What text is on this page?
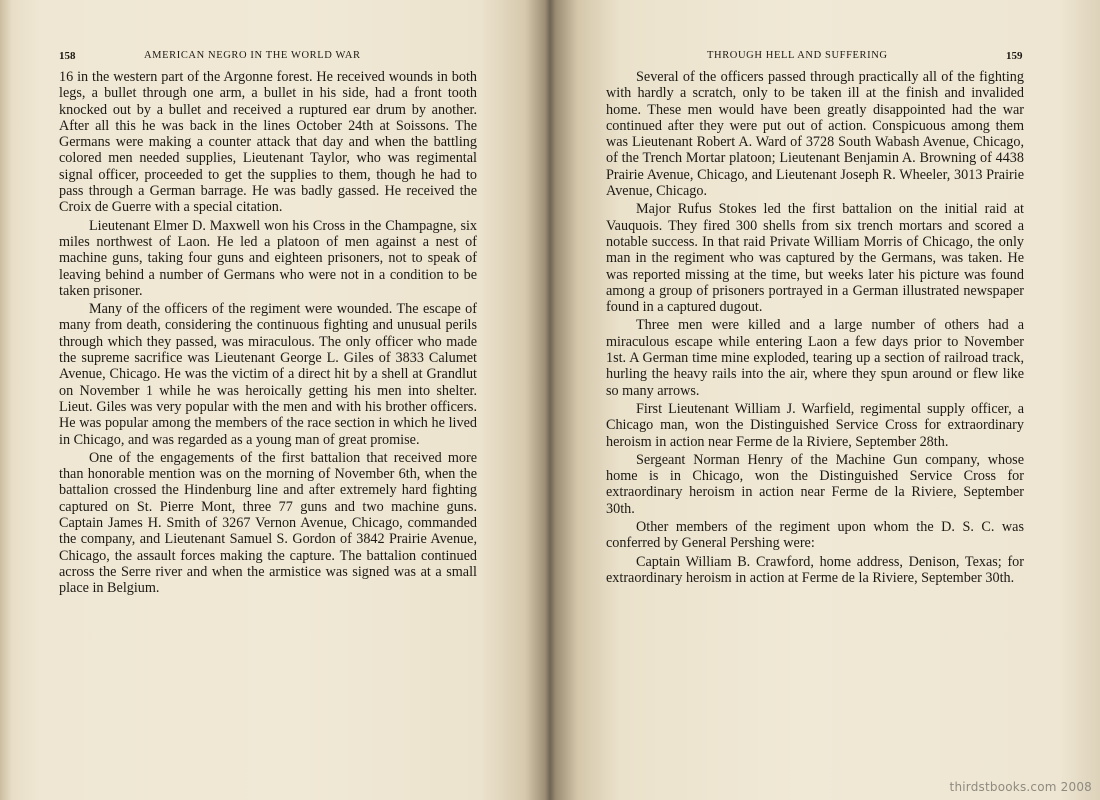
158	AMERICAN NEGRO IN THE WORLD WAR

16 in the western part of the Argonne forest. He received wounds in both legs, a bullet through one arm, a bullet in his side, had a front tooth knocked out by a bullet and received a ruptured ear drum by another. After all this he was back in the lines October 24th at Soissons. The Germans were making a counter attack that day and when the battling colored men needed supplies, Lieutenant Taylor, who was regimental signal officer, proceeded to get the supplies to them, though he had to pass through a German barrage. He was badly gassed. He received the Croix de Guerre with a special citation.

Lieutenant Elmer D. Maxwell won his Cross in the Champagne, six miles northwest of Laon. He led a platoon of men against a nest of machine guns, taking four guns and eighteen prisoners, not to speak of leaving behind a number of Germans who were not in a condition to be taken prisoner.

Many of the officers of the regiment were wounded. The escape of many from death, considering the continuous fighting and unusual perils through which they passed, was miraculous. The only officer who made the supreme sacrifice was Lieutenant George L. Giles of 3833 Calumet Avenue, Chicago. He was the victim of a direct hit by a shell at Grandlut on November 1 while he was heroically getting his men into shelter. Lieut. Giles was very popular with the men and with his brother officers. He was popular among the members of the race section in which he lived in Chicago, and was regarded as a young man of great promise.

One of the engagements of the first battalion that received more than honorable mention was on the morning of November 6th, when the battalion crossed the Hindenburg line and after extremely hard fighting captured on St. Pierre Mont, three 77 guns and two machine guns. Captain James H. Smith of 3267 Vernon Avenue, Chicago, commanded the company, and Lieutenant Samuel S. Gordon of 3842 Prairie Avenue, Chicago, the assault forces making the capture. The battalion continued across the Serre river and when the armistice was signed was at a small place in Belgium.

THROUGH HELL AND SUFFERING	159

Several of the officers passed through practically all of the fighting with hardly a scratch, only to be taken ill at the finish and invalided home. These men would have been greatly disappointed had the war continued after they were put out of action. Conspicuous among them was Lieutenant Robert A. Ward of 3728 South Wabash Avenue, Chicago, of the Trench Mortar platoon; Lieutenant Benjamin A. Browning of 4438 Prairie Avenue, Chicago, and Lieutenant Joseph R. Wheeler, 3013 Prairie Avenue, Chicago.

Major Rufus Stokes led the first battalion on the initial raid at Vauquois. They fired 300 shells from six trench mortars and scored a notable success. In that raid Private William Morris of Chicago, the only man in the regiment who was captured by the Germans, was taken. He was reported missing at the time, but weeks later his picture was found among a group of prisoners portrayed in a German illustrated newspaper found in a captured dugout.

Three men were killed and a large number of others had a miraculous escape while entering Laon a few days prior to November 1st. A German time mine exploded, tearing up a section of railroad track, hurling the heavy rails into the air, where they spun around or flew like so many arrows.

First Lieutenant William J. Warfield, regimental supply officer, a Chicago man, won the Distinguished Service Cross for extraordinary heroism in action near Ferme de la Riviere, September 28th.

Sergeant Norman Henry of the Machine Gun company, whose home is in Chicago, won the Distinguished Service Cross for extraordinary heroism in action near Ferme de la Riviere, September 30th.

Other members of the regiment upon whom the D. S. C. was conferred by General Pershing were:

Captain William B. Crawford, home address, Denison, Texas; for extraordinary heroism in action at Ferme de la Riviere, September 30th.

thirdstbooks.com 2008
